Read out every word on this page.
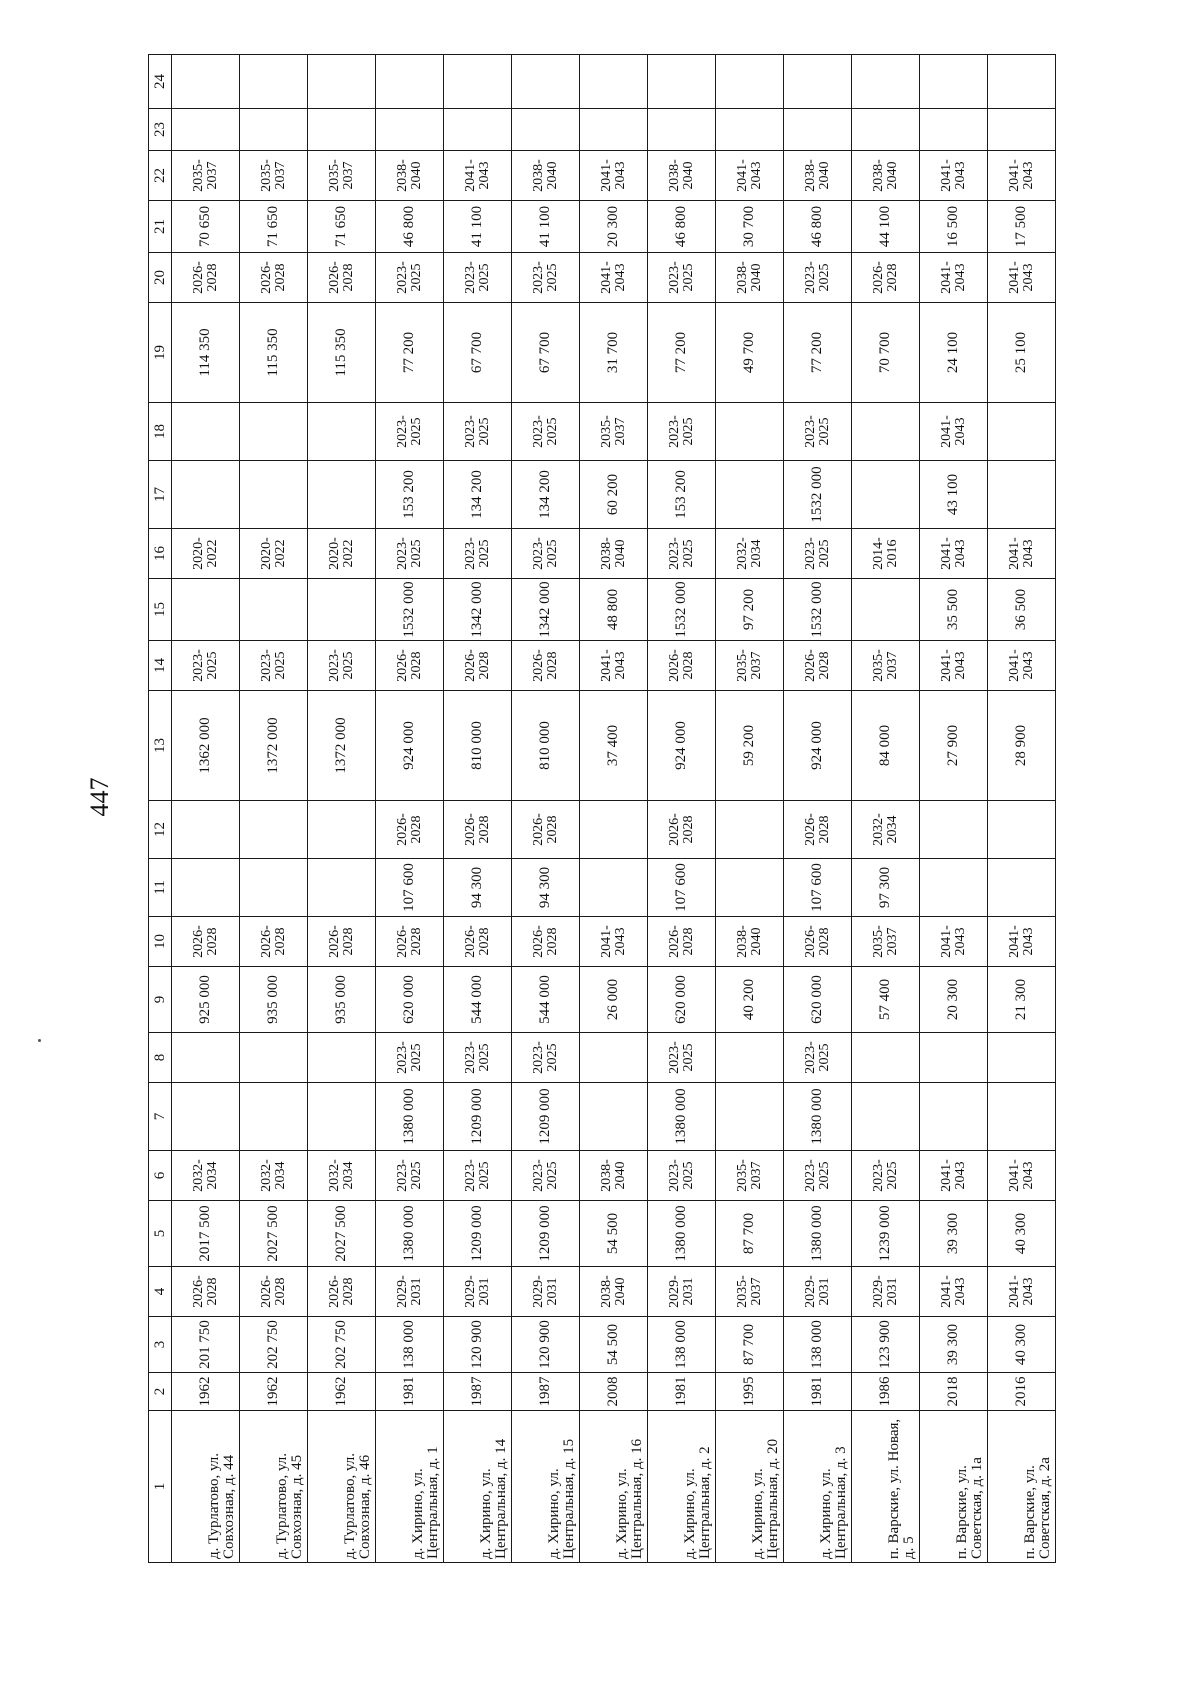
447
1	2	3	4	5	6	7	8	9	10	11	12	13	14	15	16	17	18	19	20	21	22	23	24
д. Турлатово, ул. Совхозная, д. 44	1962	201 750	2026-2028	2017 500	2032-2034			925 000	2026-2028			1362 000	2023-2025		2020-2022			114 350	2026-2028	70 650	2035-2037		
д. Турлатово, ул. Совхозная, д. 45	1962	202 750	2026-2028	2027 500	2032-2034			935 000	2026-2028			1372 000	2023-2025		2020-2022			115 350	2026-2028	71 650	2035-2037		
д. Турлатово, ул. Совхозная, д. 46	1962	202 750	2026-2028	2027 500	2032-2034			935 000	2026-2028			1372 000	2023-2025		2020-2022			115 350	2026-2028	71 650	2035-2037		
д. Хирино, ул. Центральная, д. 1	1981	138 000	2029-2031	1380 000	2023-2025	1380 000	2023-2025	620 000	2026-2028	107 600	2026-2028	924 000	2026-2028	1532 000	2023-2025	153 200	2023-2025	77 200	2023-2025	46 800	2038-2040		
д. Хирино, ул. Центральная, д. 14	1987	120 900	2029-2031	1209 000	2023-2025	1209 000	2023-2025	544 000	2026-2028	94 300	2026-2028	810 000	2026-2028	1342 000	2023-2025	134 200	2023-2025	67 700	2023-2025	41 100	2041-2043		
д. Хирино, ул. Центральная, д. 15	1987	120 900	2029-2031	1209 000	2023-2025	1209 000	2023-2025	544 000	2026-2028	94 300	2026-2028	810 000	2026-2028	1342 000	2023-2025	134 200	2023-2025	67 700	2023-2025	41 100	2038-2040		
д. Хирино, ул. Центральная, д. 16	2008	54 500	2038-2040	54 500	2038-2040			26 000	2041-2043			37 400	2041-2043	48 800	2038-2040	60 200	2035-2037	31 700	2041-2043	20 300	2041-2043		
д. Хирино, ул. Центральная, д. 2	1981	138 000	2029-2031	1380 000	2023-2025	1380 000	2023-2025	620 000	2026-2028	107 600	2026-2028	924 000	2026-2028	1532 000	2023-2025	153 200	2023-2025	77 200	2023-2025	46 800	2038-2040		
д. Хирино, ул. Центральная, д. 20	1995	87 700	2035-2037	87 700	2035-2037			40 200	2038-2040			59 200	2035-2037	97 200	2032-2034			49 700	2038-2040	30 700	2041-2043		
д. Хирино, ул. Центральная, д. 3	1981	138 000	2029-2031	1380 000	2023-2025	1380 000	2023-2025	620 000	2026-2028	107 600	2026-2028	924 000	2026-2028	1532 000	2023-2025	1532 000	2023-2025	77 200	2023-2025	46 800	2038-2040		
п. Варские, ул. Новая, д. 5	1986	123 900	2029-2031	1239 000	2023-2025			57 400	2035-2037	97 300	2032-2034	84 000	2035-2037		2014-2016			70 700	2026-2028	44 100	2038-2040		
п. Варские, ул. Советская, д. 1а	2018	39 300	2041-2043	39 300	2041-2043			20 300	2041-2043			27 900	2041-2043	35 500	2041-2043	43 100	2041-2043	24 100	2041-2043	16 500	2041-2043		
п. Варские, ул. Советская, д. 2а	2016	40 300	2041-2043	40 300	2041-2043			21 300	2041-2043			28 900	2041-2043	36 500	2041-2043			25 100	2041-2043	17 500	2041-2043		
